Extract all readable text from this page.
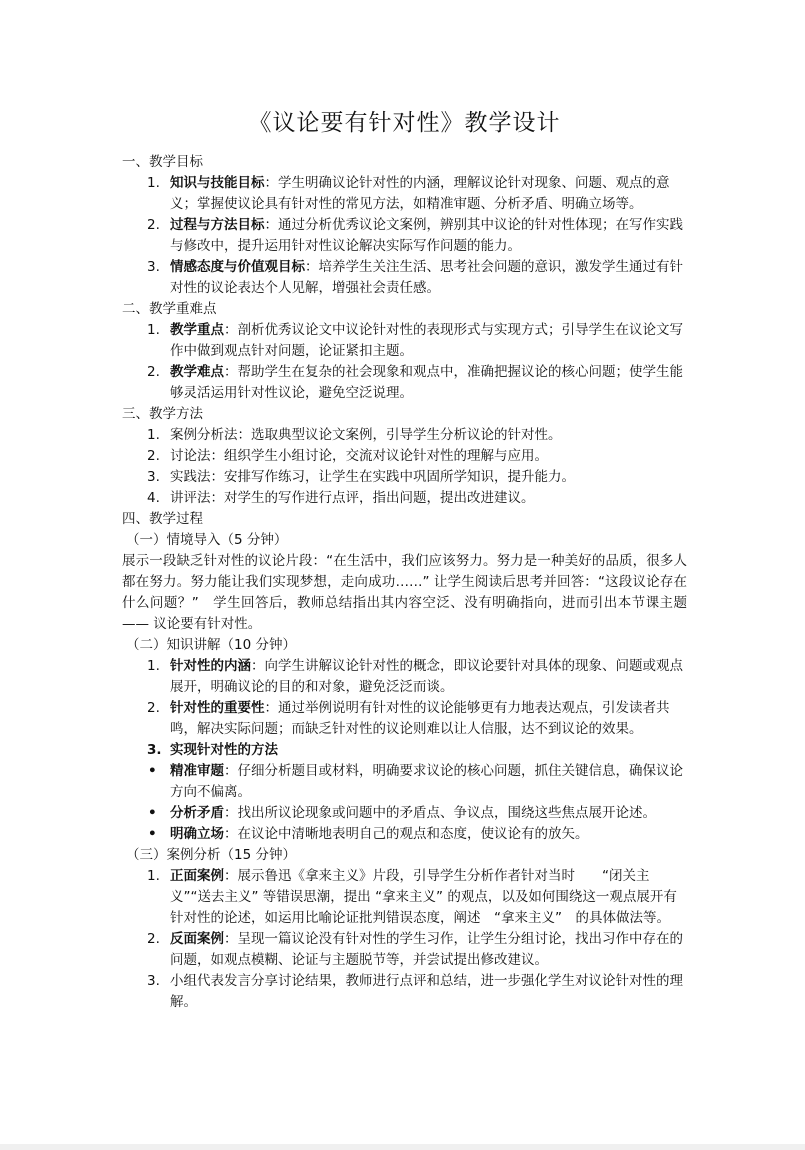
《议论要有针对性》教学设计

一、教学目标

1. 知识与技能目标：学生明确议论针对性的内涵，理解议论针对现象、问题、观点的意义；掌握使议论具有针对性的常见方法，如精准审题、分析矛盾、明确立场等。
2. 过程与方法目标：通过分析优秀议论文案例，辨别其中议论的针对性体现；在写作实践与修改中，提升运用针对性议论解决实际写作问题的能力。
3. 情感态度与价值观目标：培养学生关注生活、思考社会问题的意识，激发学生通过有针对性的议论表达个人见解，增强社会责任感。

二、教学重难点

1. 教学重点：剖析优秀议论文中议论针对性的表现形式与实现方式；引导学生在议论文写作中做到观点针对问题，论证紧扣主题。
2. 教学难点：帮助学生在复杂的社会现象和观点中，准确把握议论的核心问题；使学生能够灵活运用针对性议论，避免空泛说理。

三、教学方法

1. 案例分析法：选取典型议论文案例，引导学生分析议论的针对性。
2. 讨论法：组织学生小组讨论，交流对议论针对性的理解与应用。
3. 实践法：安排写作练习，让学生在实践中巩固所学知识，提升能力。
4. 讲评法：对学生的写作进行点评，指出问题，提出改进建议。

四、教学过程

（一）情境导入（5 分钟）

展示一段缺乏针对性的议论片段：“在生活中，我们应该努力。努力是一种美好的品质，很多人都在努力。努力能让我们实现梦想，走向成功……” 让学生阅读后思考并回答：“这段议论存在什么问题？”　学生回答后，教师总结指出其内容空泛、没有明确指向，进而引出本节课主题 —— 议论要有针对性。

（二）知识讲解（10 分钟）

1. 针对性的内涵：向学生讲解议论针对性的概念，即议论要针对具体的现象、问题或观点展开，明确议论的目的和对象，避免泛泛而谈。
2. 针对性的重要性：通过举例说明有针对性的议论能够更有力地表达观点，引发读者共鸣，解决实际问题；而缺乏针对性的议论则难以让人信服，达不到议论的效果。
3. 实现针对性的方法
• 精准审题：仔细分析题目或材料，明确要求议论的核心问题，抓住关键信息，确保议论方向不偏离。
• 分析矛盾：找出所议论现象或问题中的矛盾点、争议点，围绕这些焦点展开论述。
• 明确立场：在议论中清晰地表明自己的观点和态度，使议论有的放矢。

（三）案例分析（15 分钟）

1. 正面案例：展示鲁迅《拿来主义》片段，引导学生分析作者针对当时　　“闭关主义”“送去主义” 等错误思潮，提出 “拿来主义” 的观点，以及如何围绕这一观点展开有针对性的论述，如运用比喻论证批判错误态度，阐述　“拿来主义”　的具体做法等。
2. 反面案例：呈现一篇议论没有针对性的学生习作，让学生分组讨论，找出习作中存在的问题，如观点模糊、论证与主题脱节等，并尝试提出修改建议。
3. 小组代表发言分享讨论结果，教师进行点评和总结，进一步强化学生对议论针对性的理解。
